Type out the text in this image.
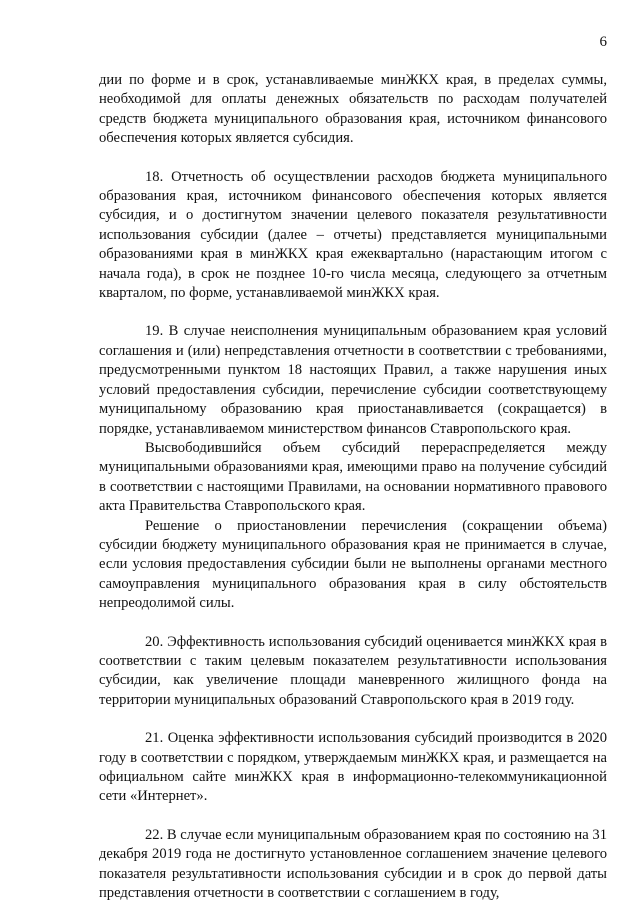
6

дии по форме и в срок, устанавливаемые минЖКХ края, в пределах суммы, необходимой для оплаты денежных обязательств по расходам получателей средств бюджета муниципального образования края, источником финансового обеспечения которых является субсидия.

18. Отчетность об осуществлении расходов бюджета муниципального образования края, источником финансового обеспечения которых является субсидия, и о достигнутом значении целевого показателя результативности использования субсидии (далее – отчеты) представляется муниципальными образованиями края в минЖКХ края ежеквартально (нарастающим итогом с начала года), в срок не позднее 10-го числа месяца, следующего за отчетным кварталом, по форме, устанавливаемой минЖКХ края.

19. В случае неисполнения муниципальным образованием края условий соглашения и (или) непредставления отчетности в соответствии с требованиями, предусмотренными пунктом 18 настоящих Правил, а также нарушения иных условий предоставления субсидии, перечисление субсидии соответствующему муниципальному образованию края приостанавливается (сокращается) в порядке, устанавливаемом министерством финансов Ставропольского края.

Высвободившийся объем субсидий перераспределяется между муниципальными образованиями края, имеющими право на получение субсидий в соответствии с настоящими Правилами, на основании нормативного правового акта Правительства Ставропольского края.

Решение о приостановлении перечисления (сокращении объема) субсидии бюджету муниципального образования края не принимается в случае, если условия предоставления субсидии были не выполнены органами местного самоуправления муниципального образования края в силу обстоятельств непреодолимой силы.

20. Эффективность использования субсидий оценивается минЖКХ края в соответствии с таким целевым показателем результативности использования субсидии, как увеличение площади маневренного жилищного фонда на территории муниципальных образований Ставропольского края в 2019 году.

21. Оценка эффективности использования субсидий производится в 2020 году в соответствии с порядком, утверждаемым минЖКХ края, и размещается на официальном сайте минЖКХ края в информационно-телекоммуникационной сети «Интернет».

22. В случае если муниципальным образованием края по состоянию на 31 декабря 2019 года не достигнуто установленное соглашением значение целевого показателя результативности использования субсидии и в срок до первой даты представления отчетности в соответствии с соглашением в году,
